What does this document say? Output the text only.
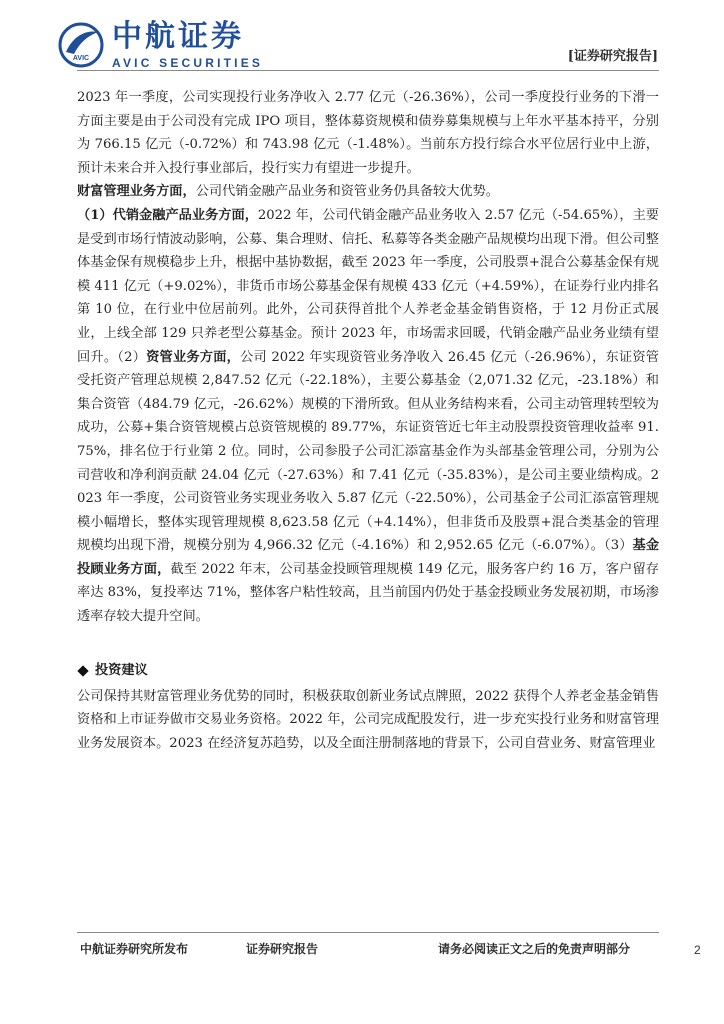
AVIC
中航证券
AVIC SECURITIES	[证券研究报告]

2023 年一季度，公司实现投行业务净收入 2.77 亿元（-26.36%），公司一季度投行业务的下滑一方面主要是由于公司没有完成 IPO 项目，整体募资规模和债券募集规模与上年水平基本持平，分别为 766.15 亿元（-0.72%）和 743.98 亿元（-1.48%）。当前东方投行综合水平位居行业中上游，预计未来合并入投行事业部后，投行实力有望进一步提升。

财富管理业务方面，公司代销金融产品业务和资管业务仍具备较大优势。

（1）代销金融产品业务方面，2022 年，公司代销金融产品业务收入 2.57 亿元（-54.65%），主要是受到市场行情波动影响，公募、集合理财、信托、私募等各类金融产品规模均出现下滑。但公司整体基金保有规模稳步上升，根据中基协数据，截至 2023 年一季度，公司股票+混合公募基金保有规模 411 亿元（+9.02%），非货币市场公募基金保有规模 433 亿元（+4.59%），在证券行业内排名第 10 位，在行业中位居前列。此外，公司获得首批个人养老金基金销售资格，于 12 月份正式展业，上线全部 129 只养老型公募基金。预计 2023 年，市场需求回暖，代销金融产品业务业绩有望回升。（2）资管业务方面，公司 2022 年实现资管业务净收入 26.45 亿元（-26.96%），东证资管受托资产管理总规模 2,847.52 亿元（-22.18%），主要公募基金（2,071.32 亿元，-23.18%）和集合资管（484.79 亿元，-26.62%）规模的下滑所致。但从业务结构来看，公司主动管理转型较为成功，公募+集合资管规模占总资管规模的 89.77%，东证资管近七年主动股票投资管理收益率 91.75%，排名位于行业第 2 位。同时，公司参股子公司汇添富基金作为头部基金管理公司，分别为公司营收和净利润贡献 24.04 亿元（-27.63%）和 7.41 亿元（-35.83%），是公司主要业绩构成。2023 年一季度，公司资管业务实现业务收入 5.87 亿元（-22.50%），公司基金子公司汇添富管理规模小幅增长，整体实现管理规模 8,623.58 亿元（+4.14%），但非货币及股票+混合类基金的管理规模均出现下滑，规模分别为 4,966.32 亿元（-4.16%）和 2,952.65 亿元（-6.07%）。（3）基金投顾业务方面，截至 2022 年末，公司基金投顾管理规模 149 亿元，服务客户约 16 万，客户留存率达 83%，复投率达 71%，整体客户粘性较高，且当前国内仍处于基金投顾业务发展初期，市场渗透率存较大提升空间。

投资建议

公司保持其财富管理业务优势的同时，积极获取创新业务试点牌照，2022 获得个人养老金基金销售资格和上市证券做市交易业务资格。2022 年，公司完成配股发行，进一步充实投行业务和财富管理业务发展资本。2023 在经济复苏趋势，以及全面注册制落地的背景下，公司自营业务、财富管理业

中航证券研究所发布	证券研究报告	请务必阅读正文之后的免责声明部分	2
